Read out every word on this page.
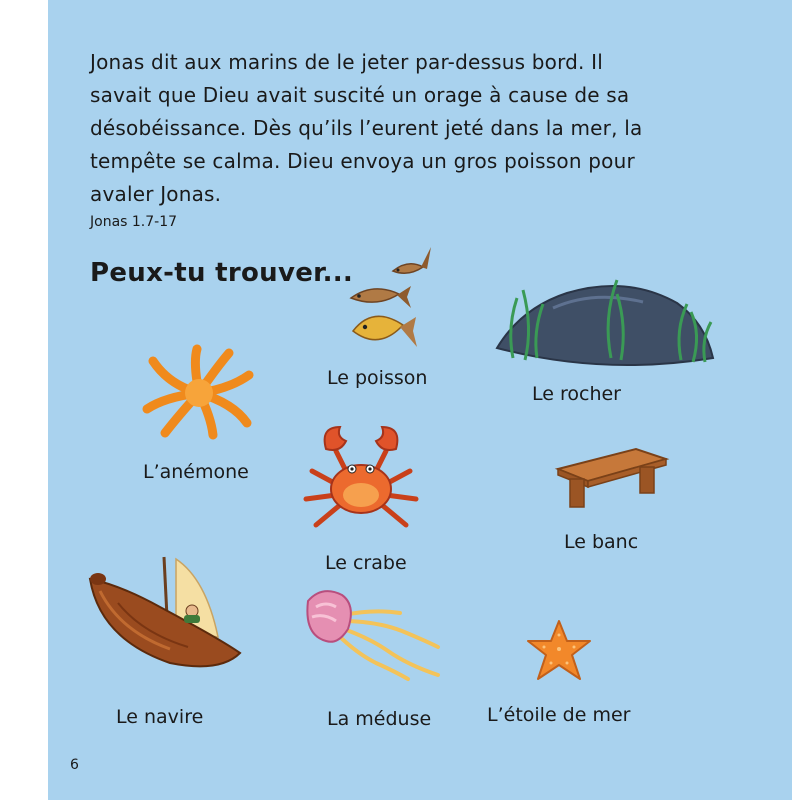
Jonas dit aux marins de le jeter par-dessus bord. Il
savait que Dieu avait suscité un orage à cause de sa
désobéissance. Dès qu’ils l’eurent jeté dans la mer, la
tempête se calma. Dieu envoya un gros poisson pour
avaler Jonas.

Jonas 1.7-17
Peux-tu trouver...
Le poisson
Le rocher
L’anémone
Le crabe
Le banc
Le navire	La méduse	L’étoile de mer
6
